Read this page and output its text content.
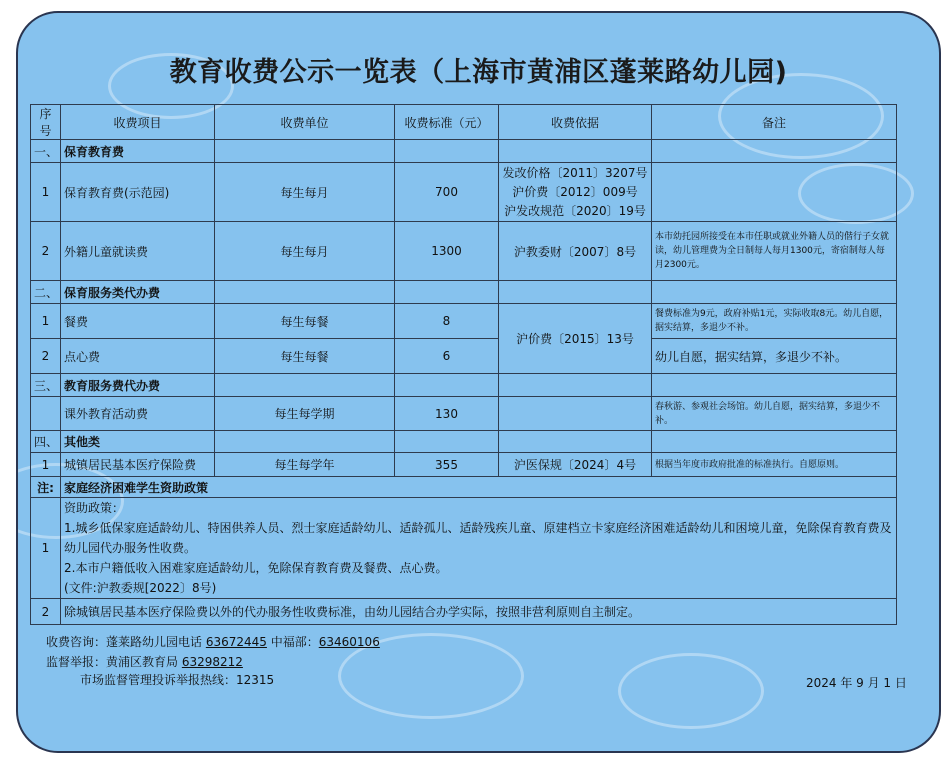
教育收费公示一览表（上海市黄浦区蓬莱路幼儿园)
序号	收费项目	收费单位	收费标准（元）	收费依据	备注
一、	保育教育费				
1	保育教育费(示范园)	每生每月	700	发改价格〔2011〕3207号
沪价费〔2012〕009号
沪发改规范〔2020〕19号	

2	外籍儿童就读费	每生每月	1300	沪教委财〔2007〕8号	本市幼托园所接受在本市任职或就业外籍人员的偕行子女就读，幼儿管理费为全日制每人每月1300元，寄宿制每人每月2300元。
二、	保育服务类代办费				
1	餐费	每生每餐	8	沪价费〔2015〕13号	餐费标准为9元，政府补贴1元，实际收取8元。幼儿自愿，据实结算，多退少不补。
2	点心费	每生每餐	6		幼儿自愿，据实结算，多退少不补。
三、	教育服务费代办费				
	课外教育活动费	每生每学期	130		春秋游、参观社会场馆。幼儿自愿，据实结算，多退少不补。
四、	其他类				
1	城镇居民基本医疗保险费	每生每学年	355	沪医保规〔2024〕4号	根据当年度市政府批准的标准执行。自愿原则。
注:	家庭经济困难学生资助政策				
1	资助政策：
1.城乡低保家庭适龄幼儿、特困供养人员、烈士家庭适龄幼儿、适龄孤儿、适龄残疾儿童、原建档立卡家庭经济困难适龄幼儿和困境儿童，免除保育教育费及幼儿园代办服务性收费。
2.本市户籍低收入困难家庭适龄幼儿，免除保育教育费及餐费、点心费。
(文件:沪教委规[2022〕8号)				

2	除城镇居民基本医疗保险费以外的代办服务性收费标准，由幼儿园结合办学实际，按照非营利原则自主制定。				
收费咨询：蓬莱路幼儿园电话 63672445 中福部：63460106
监督举报：黄浦区教育局 63298212
市场监督管理投诉举报热线：12315	2024 年 9 月 1 日
